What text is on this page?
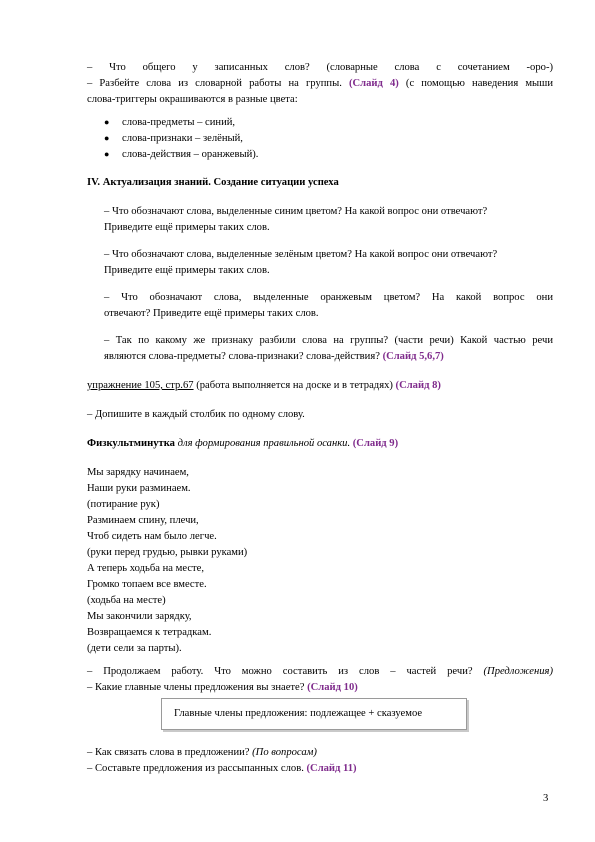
– Что общего у записанных слов? (словарные слова с сочетанием -оро-)
– Разбейте слова из словарной работы на группы. (Слайд 4) (с помощью наведения мыши
слова-триггеры окрашиваются в разные цвета:
● слова-предметы – синий,
● слова-признаки – зелёный,
● слова-действия – оранжевый).
IV. Актуализация знаний. Создание ситуации успеха
– Что обозначают слова, выделенные синим цветом? На какой вопрос они отвечают?
Приведите ещё примеры таких слов.
– Что обозначают слова, выделенные зелёным цветом? На какой вопрос они отвечают?
Приведите ещё примеры таких слов.
– Что обозначают слова, выделенные оранжевым цветом? На какой вопрос они
отвечают? Приведите ещё примеры таких слов.
– Так по какому же признаку разбили слова на группы? (части речи) Какой частью речи
являются слова-предметы? слова-признаки? слова-действия? (Слайд 5,6,7)
упражнение 105, стр.67 (работа выполняется на доске и в тетрадях) (Слайд 8)
– Допишите в каждый столбик по одному слову.
Физкультминутка для формирования правильной осанки. (Слайд 9)
Мы зарядку начинаем,
Наши руки разминаем.
(потирание рук)
Разминаем спину, плечи,
Чтоб сидеть нам было легче.
(руки перед грудью, рывки руками)
А теперь ходьба на месте,
Громко топаем все вместе.
(ходьба на месте)
Мы закончили зарядку,
Возвращаемся к тетрадкам.
(дети сели за парты).
– Продолжаем работу. Что можно составить из слов – частей речи? (Предложения)
– Какие главные члены предложения вы знаете? (Слайд 10)
Главные члены предложения: подлежащее + сказуемое
– Как связать слова в предложении? (По вопросам)
– Составьте предложения из рассыпанных слов. (Слайд 11)
3
